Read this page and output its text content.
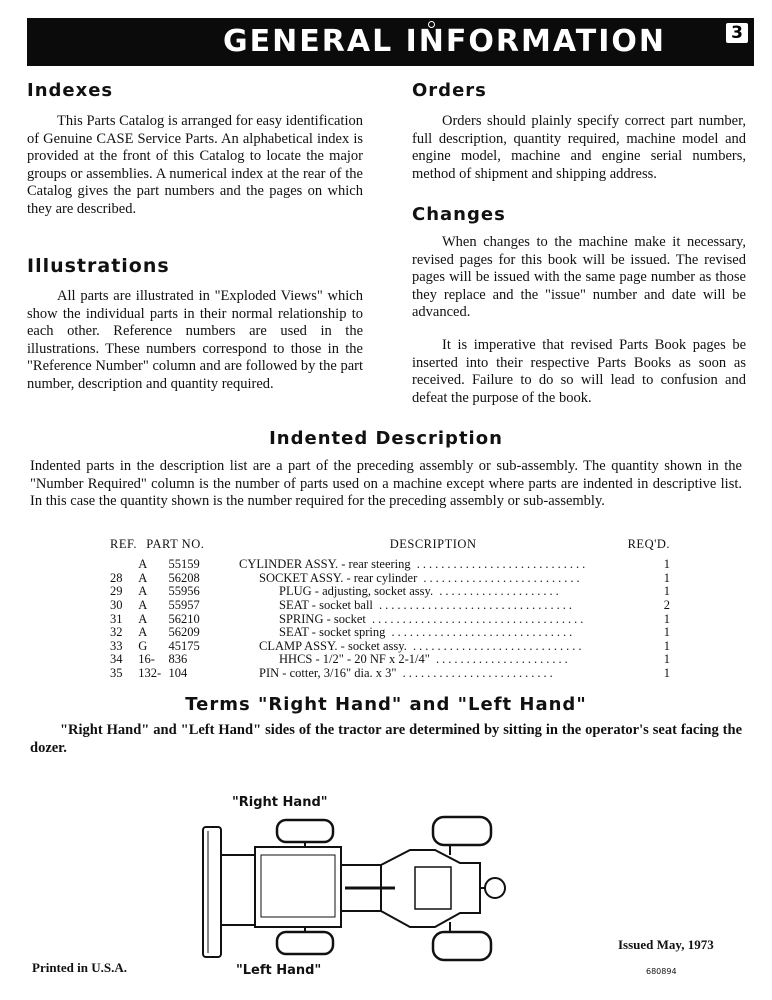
GENERAL INFORMATION	3
Indexes

This Parts Catalog is arranged for easy identification of Genuine CASE Service Parts. An alphabetical index is provided at the front of this Catalog to locate the major groups or assemblies. A numerical index at the rear of the Catalog gives the part numbers and the pages on which they are described.

Illustrations

All parts are illustrated in "Exploded Views" which show the individual parts in their normal relationship to each other. Reference numbers are used in the illustrations. These numbers correspond to those in the "Reference Number" column and are followed by the part number, description and quantity required.

Orders

Orders should plainly specify correct part number, full description, quantity required, machine model and engine model, machine and engine serial numbers, method of shipment and shipping address.

Changes

When changes to the machine make it necessary, revised pages for this book will be issued. The revised pages will be issued with the same page number as those they replace and the "issue" number and date will be advanced.

It is imperative that revised Parts Book pages be inserted into their respective Parts Books as soon as received. Failure to do so will lead to confusion and defeat the purpose of the book.

Indented Description

Indented parts in the description list are a part of the preceding assembly or sub-assembly. The quantity shown in the "Number Required" column is the number of parts used on a machine except where parts are indented in descriptive list. In this case the quantity shown is the number required for the preceding assembly or sub-assembly.

REF.	PART NO.		DESCRIPTION	REQ'D.
	A	55159	CYLINDER ASSY. - rear steering ............................	1
28	A	56208	SOCKET ASSY. - rear cylinder ..........................	1
29	A	55956	PLUG - adjusting, socket assy. ....................	1
30	A	55957	SEAT - socket ball ................................	2
31	A	56210	SPRING - socket ...................................	1
32	A	56209	SEAT - socket spring ..............................	1
33	G	45175	CLAMP ASSY. - socket assy. ............................	1
34	16-	836	HHCS - 1/2" - 20 NF x 2-1/4" ......................	1
35	132-	104	PIN - cotter, 3/16" dia. x 3" .........................	1
Terms "Right Hand" and "Left Hand"

"Right Hand" and "Left Hand" sides of the tractor are determined by sitting in the operator's seat facing the dozer.

"Right Hand"
"Left Hand"
Printed in U.S.A.
Issued May, 1973
680894
